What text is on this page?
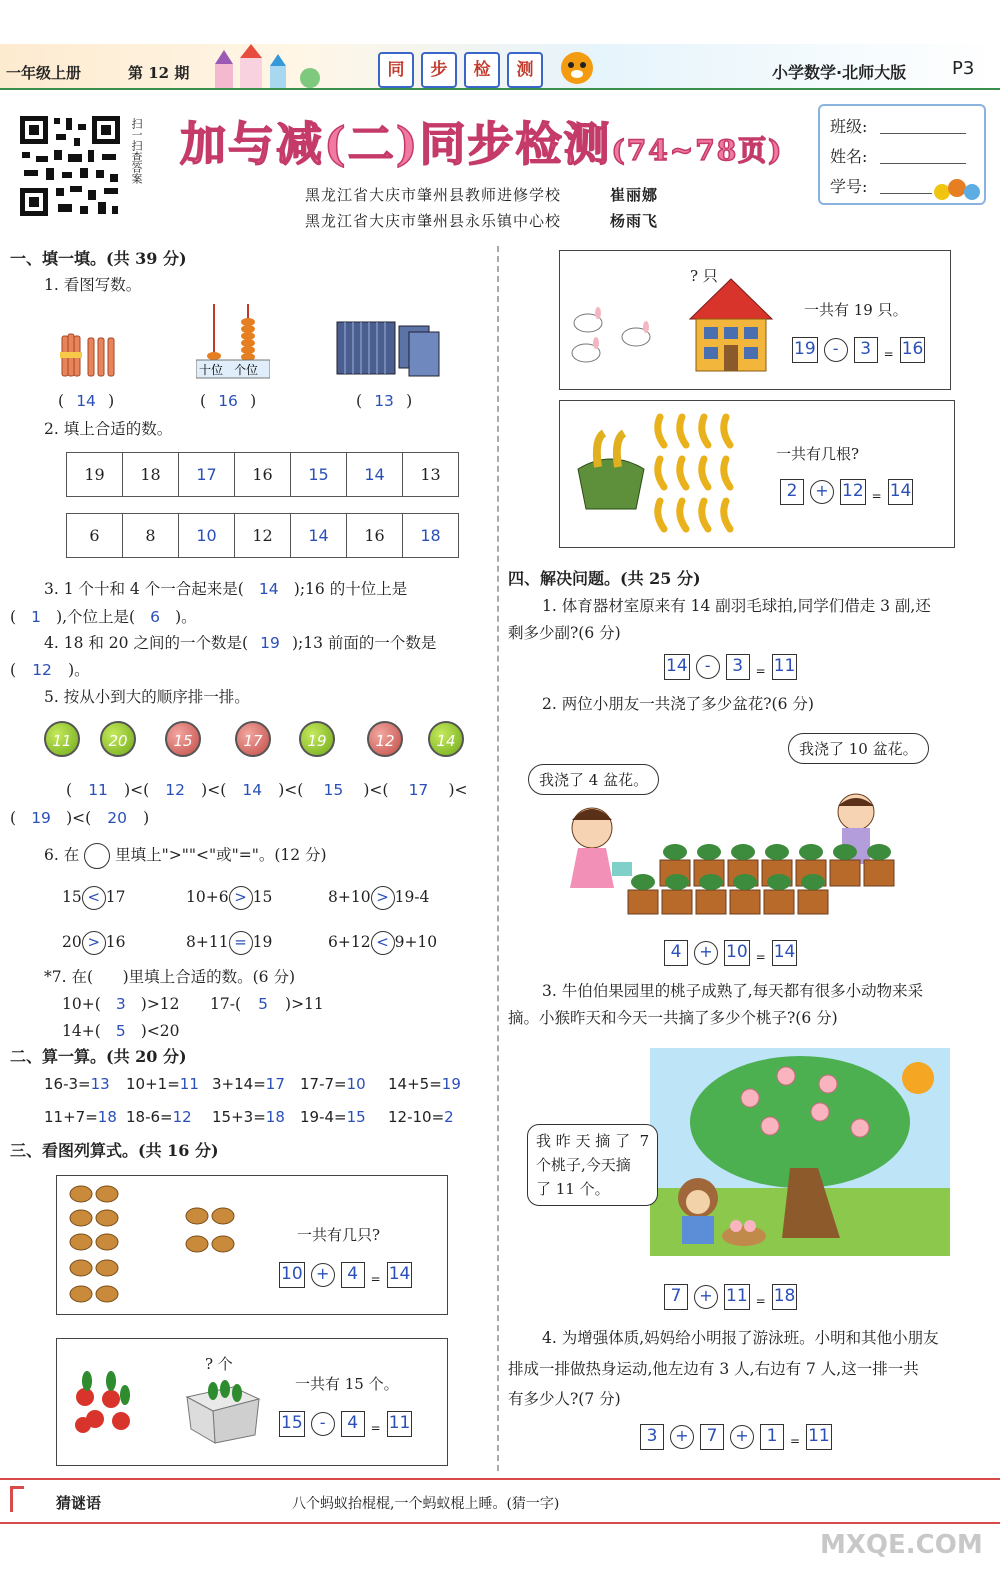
一年级上册	第 12 期	同	步	检	测	小学数学·北师大版	P3
扫一扫查答案 加与减(二)同步检测(74~78页)
黑龙江省大庆市肇州县教师进修学校	崔丽娜
黑龙江省大庆市肇州县永乐镇中心校	杨雨飞
班级:
姓名:
学号:
一、填一填。(共 39 分)
1. 看图写数。
( 14 )
十位 个位
( 16 )	( 13 )
2. 填上合适的数。
19	18	17	16	15	14	13
6	8	10	12	14	16	18
3. 1 个十和 4 个一合起来是( 14 );16 的十位上是
( 1 ),个位上是( 6 )。
4. 18 和 20 之间的一个数是( 19 );13 前面的一个数是
( 12 )。
5. 按从小到大的顺序排一排。
11	20	15	17	19	12	14
( 11 )<( 12 )<( 14 )<( 15 )<( 17 )<
( 19 )<( 20 )
6. 在 里填上">""<"或"="。(12 分)
15 < 17	10+6 > 15	8+10 > 19-4
20 > 16	8+11 = 19	6+12 < 9+10
*7. 在(      )里填上合适的数。(6 分)
10+( 3 )>12 17-( 5 )>11
14+( 5 )<20
二、算一算。(共 20 分)
16-3=13 10+1=11 3+14=17 17-7=10 14+5=19
11+7=18 18-6=12 15+3=18 19-4=15 12-10=2
三、看图列算式。(共 16 分)
一共有几只?
10 +	4	= 14
? 个
一共有 15 个。
15	-	4	= 11
? 只
一共有 19 只。
19	-	3	= 16
一共有几根?
2	+ 12 = 14
四、解决问题。(共 25 分)
1. 体育器材室原来有 14 副羽毛球拍,同学们借走 3 副,还
剩多少副?(6 分)
14	-	3	= 11
2. 两位小朋友一共浇了多少盆花?(6 分)
我浇了 4 盆花。
我浇了 10 盆花。
4	+ 10 = 14
3. 牛伯伯果园里的桃子成熟了,每天都有很多小动物来采
摘。小猴昨天和今天一共摘了多少个桃子?(6 分)
我 昨 天 摘 了  7
个桃子,今天摘
了 11 个。
7	+ 11 = 18
4. 为增强体质,妈妈给小明报了游泳班。小明和其他小朋友
排成一排做热身运动,他左边有 3 人,右边有 7 人,这一排一共
有多少人?(7 分)
3	+	7	+	1	= 11
猜谜语	八个蚂蚁抬棍棍,一个蚂蚁棍上睡。(猜一字)
MXQE.COM
